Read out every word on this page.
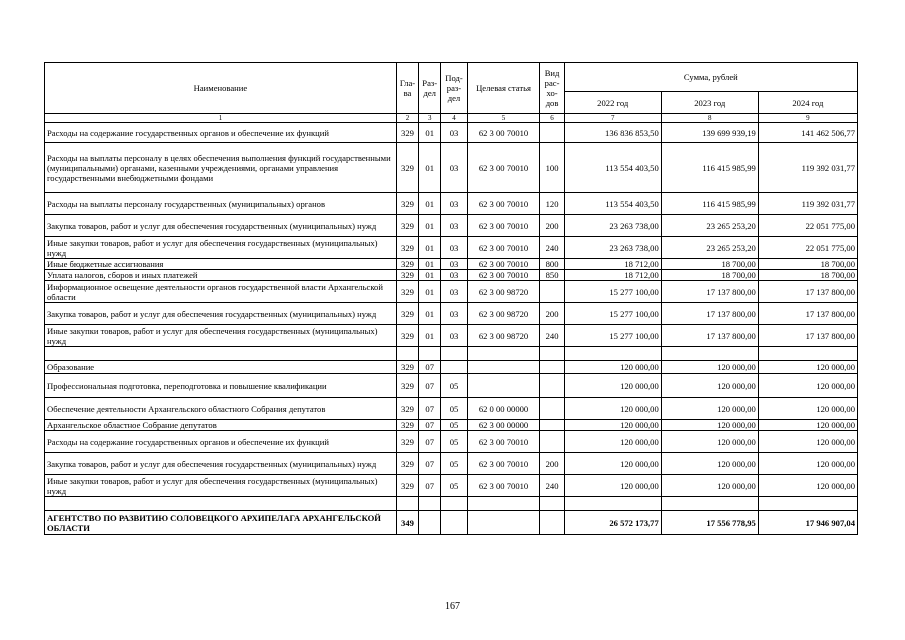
Наименование	Гла-ва	Раз-дел	Под-раз-дел	Целевая статья	Вид рас-хо-дов	Сумма, рублей		
						2022 год	2023 год	2024 год
1	2	3	4	5	6	7	8	9
Расходы на содержание государственных органов и обеспечение их функций	329	01	03	62 3 00 70010		136 836 853,50	139 699 939,19	141 462 506,77
Расходы на выплаты персоналу в целях обеспечения выполнения функций государственными (муниципальными) органами, казенными учреждениями, органами управления государственными внебюджетными фондами	329	01	03	62 3 00 70010	100	113 554 403,50	116 415 985,99	119 392 031,77
Расходы на выплаты персоналу государственных (муниципальных) органов	329	01	03	62 3 00 70010	120	113 554 403,50	116 415 985,99	119 392 031,77
Закупка товаров, работ и услуг для обеспечения государственных (муниципальных) нужд	329	01	03	62 3 00 70010	200	23 263 738,00	23 265 253,20	22 051 775,00
Иные закупки товаров, работ и услуг для обеспечения государственных (муниципальных) нужд	329	01	03	62 3 00 70010	240	23 263 738,00	23 265 253,20	22 051 775,00
Иные бюджетные ассигнования	329	01	03	62 3 00 70010	800	18 712,00	18 700,00	18 700,00
Уплата налогов, сборов и иных платежей	329	01	03	62 3 00 70010	850	18 712,00	18 700,00	18 700,00
Информационное освещение деятельности органов государственной власти Архангельской области	329	01	03	62 3 00 98720		15 277 100,00	17 137 800,00	17 137 800,00
Закупка товаров, работ и услуг для обеспечения государственных (муниципальных) нужд	329	01	03	62 3 00 98720	200	15 277 100,00	17 137 800,00	17 137 800,00
Иные закупки товаров, работ и услуг для обеспечения государственных (муниципальных) нужд	329	01	03	62 3 00 98720	240	15 277 100,00	17 137 800,00	17 137 800,00

Образование	329	07				120 000,00	120 000,00	120 000,00
Профессиональная подготовка, переподготовка и повышение квалификации	329	07	05			120 000,00	120 000,00	120 000,00
Обеспечение деятельности Архангельского областного Собрания депутатов	329	07	05	62 0 00 00000		120 000,00	120 000,00	120 000,00
Архангельское областное Собрание депутатов	329	07	05	62 3 00 00000		120 000,00	120 000,00	120 000,00
Расходы на содержание государственных органов и обеспечение их функций	329	07	05	62 3 00 70010		120 000,00	120 000,00	120 000,00
Закупка товаров, работ и услуг для обеспечения государственных (муниципальных) нужд	329	07	05	62 3 00 70010	200	120 000,00	120 000,00	120 000,00
Иные закупки товаров, работ и услуг для обеспечения государственных (муниципальных) нужд	329	07	05	62 3 00 70010	240	120 000,00	120 000,00	120 000,00

АГЕНТСТВО ПО РАЗВИТИЮ СОЛОВЕЦКОГО АРХИПЕЛАГА АРХАНГЕЛЬСКОЙ ОБЛАСТИ	349					26 572 173,77	17 556 778,95	17 946 907,04
167
